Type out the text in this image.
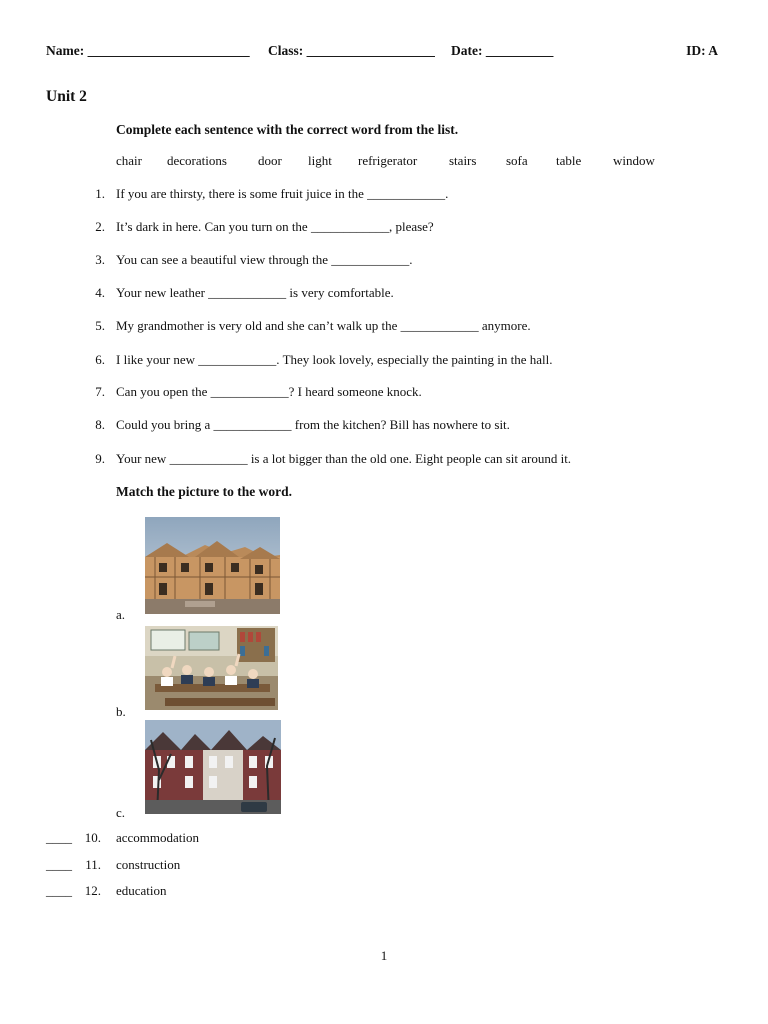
Name: ________________________ Class: ___________________ Date: __________	ID: A
Unit 2
Complete each sentence with the correct word from the list.
chair decorations door light refrigerator stairs sofa table window
1. If you are thirsty, there is some fruit juice in the ____________.
2. It’s dark in here. Can you turn on the ____________, please?
3. You can see a beautiful view through the ____________.
4. Your new leather ____________ is very comfortable.
5. My grandmother is very old and she can’t walk up the ____________ anymore.
6. I like your new ____________. They look lovely, especially the painting in the hall.
7. Can you open the ____________? I heard someone knock.
8. Could you bring a ____________ from the kitchen? Bill has nowhere to sit.
9. Your new ____________ is a lot bigger than the old one. Eight people can sit around it.
Match the picture to the word.
a.
b.
c.
____ 10. accommodation
____	11. construction
____ 12. education
1
